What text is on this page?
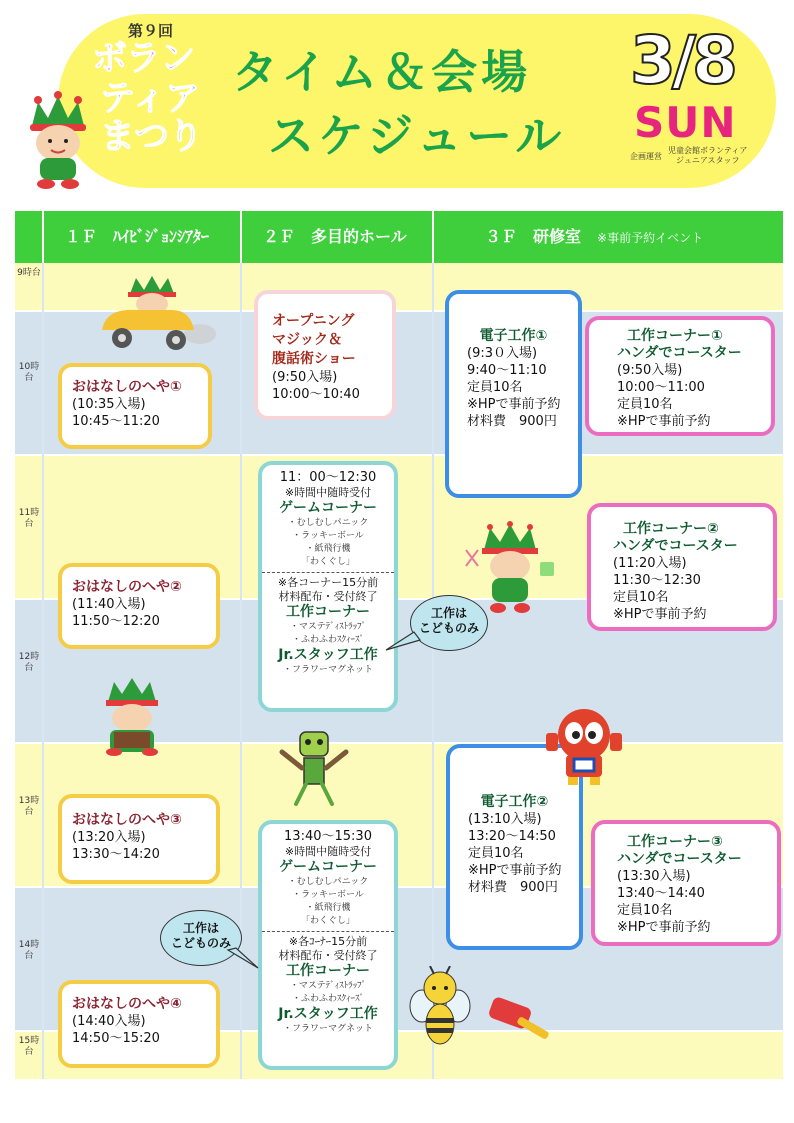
第９回
ボラン
ティア
まつり
タイム＆会場
スケジュール
3/8
SUN
企画運営
児童会館ボランティア
ジュニアスタッフ
１Ｆ　ﾊｲﾋﾞｼﾞｮﾝｼｱﾀｰ	２Ｆ　多目的ホール	３Ｆ　研修室　 ※事前予約イベント
9時台
10時台
11時台
12時台
13時台
14時台
15時台
おはなしのへや①
(10:35入場)
10:45～11:20
おはなしのへや②
(11:40入場)
11:50～12:20
おはなしのへや③
(13:20入場)
13:30～14:20
おはなしのへや④
(14:40入場)
14:50～15:20
オープニング
マジック＆
腹話術ショー
(9:50入場)
10:00～10:40
11：00～12:30
※時間中随時受付
ゲームコーナー
・むしむしパニック
・ラッキーボール
・紙飛行機
「わくぐし」
※各コーナー15分前
材料配布・受付終了
工作コーナー
・マステﾃﾞｨｽﾄﾗｯﾌﾟ
・ふわふわｽｸｨｰｽﾞ
Jr.スタッフ工作
・フラワーマグネット
13:40～15:30
※時間中随時受付
ゲームコーナー
・むしむしパニック
・ラッキーボール
・紙飛行機
「わくぐし」
※各ｺｰﾅｰ15分前
材料配布・受付終了
工作コーナー
・マステﾃﾞｨｽﾄﾗｯﾌﾟ
・ふわふわｽｸｨｰｽﾞ
Jr.スタッフ工作
・フラワーマグネット
工作は
こどものみ
工作は
こどものみ
電子工作①
(9:3０入場)
9:40～11:10
定員10名
※HPで事前予約
材料費　900円
電子工作②
(13:10入場)
13:20～14:50
定員10名
※HPで事前予約
材料費　900円
工作コーナー①
ハンダでコースター
(9:50入場)
10:00～11:00
定員10名
※HPで事前予約
工作コーナー②
ハンダでコースター
(11:20入場)
11:30～12:30
定員10名
※HPで事前予約
工作コーナー③
ハンダでコースター
(13:30入場)
13:40～14:40
定員10名
※HPで事前予約
